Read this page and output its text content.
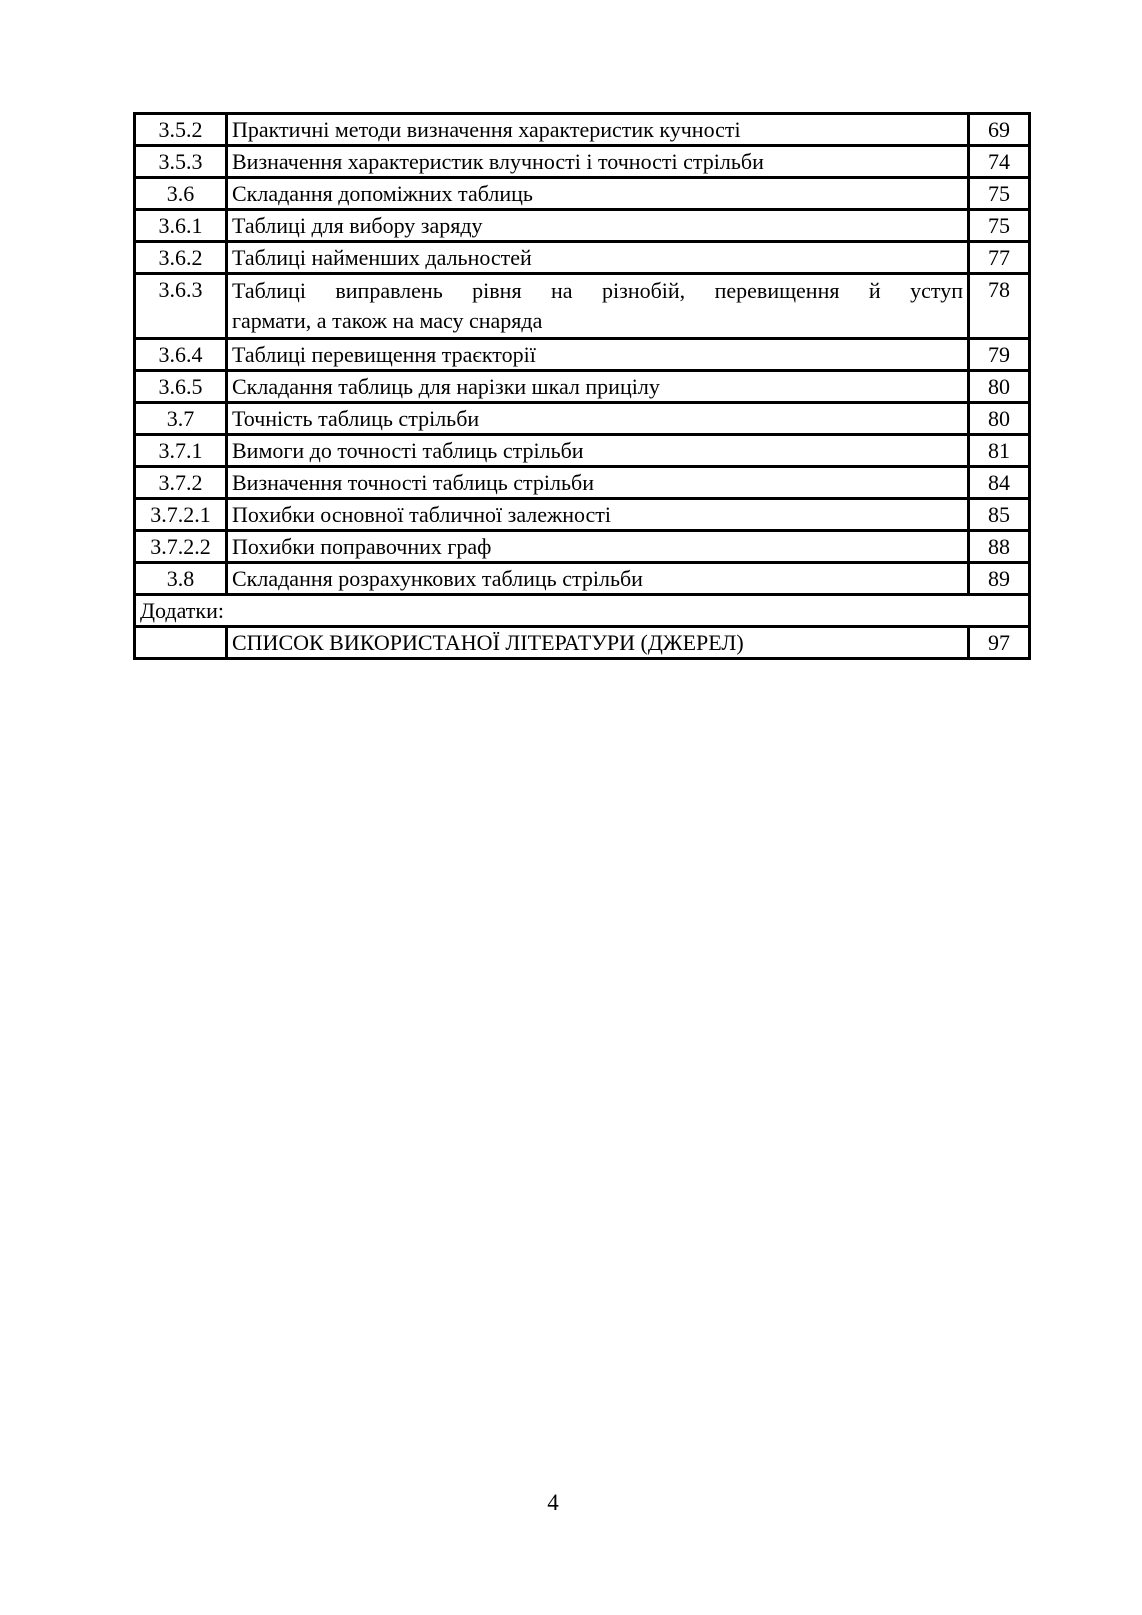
3.5.2	Практичні методи визначення характеристик кучності	69
3.5.3	Визначення характеристик влучності і точності стрільби	74
3.6	Складання допоміжних таблиць	75
3.6.1	Таблиці для вибору заряду	75
3.6.2	Таблиці найменших дальностей	77
3.6.3	Таблиці виправлень рівня на різнобій, перевищення й уступ
гармати, а також на масу снаряда	78
3.6.4	Таблиці перевищення траєкторії	79
3.6.5	Складання таблиць для нарізки шкал прицілу	80
3.7	Точність таблиць стрільби	80
3.7.1	Вимоги до точності таблиць стрільби	81
3.7.2	Визначення точності таблиць стрільби	84
3.7.2.1	Похибки основної табличної залежності	85
3.7.2.2	Похибки поправочних граф	88
3.8	Складання розрахункових таблиць стрільби	89
Додатки:		
	СПИСОК ВИКОРИСТАНОЇ ЛІТЕРАТУРИ (ДЖЕРЕЛ)	97
4
